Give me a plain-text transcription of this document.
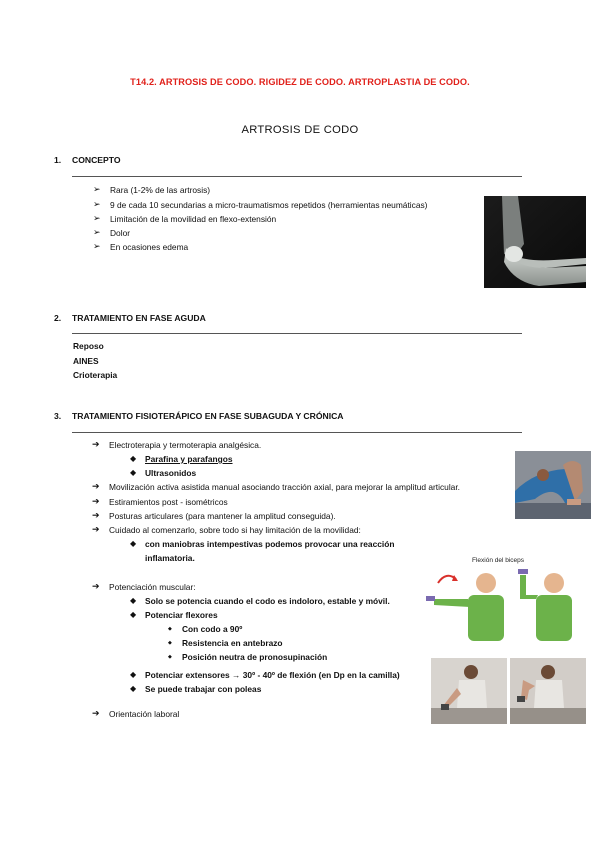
T14.2. ARTROSIS DE CODO. RIGIDEZ DE CODO. ARTROPLASTIA DE CODO.
ARTROSIS DE CODO
1. CONCEPTO
➢ Rara (1-2% de las artrosis)
➢ 9 de cada 10 secundarias a micro-traumatismos repetidos (herramientas neumáticas)
➢ Limitación de la movilidad en flexo-extensión
➢ Dolor
➢ En ocasiones edema
2. TRATAMIENTO EN FASE AGUDA
Reposo
AINES
Crioterapia
3. TRATAMIENTO FISIOTERÁPICO EN FASE SUBAGUDA Y CRÓNICA
➔ Electroterapia y termoterapia analgésica.
◆ Parafina y parafangos
◆ Ultrasonidos
➔ Movilización activa asistida manual asociando tracción axial, para mejorar la amplitud articular.
➔ Estiramientos post - isométricos
➔ Posturas articulares (para mantener la amplitud conseguida).
➔ Cuidado al comenzarlo, sobre todo si hay limitación de la movilidad:
◆ con maniobras intempestivas podemos provocar una reacción
inflamatoria.
➔ Potenciación muscular:
◆ Solo se potencia cuando el codo es indoloro, estable y móvil.
◆ Potenciar flexores
◆ Con codo a 90º
◆ Resistencia en antebrazo
◆ Posición neutra de pronosupinación
◆ Potenciar extensores → 30º - 40º de flexión (en Dp en la camilla)
◆ Se puede trabajar con poleas
➔ Orientación laboral
Flexión del biceps
